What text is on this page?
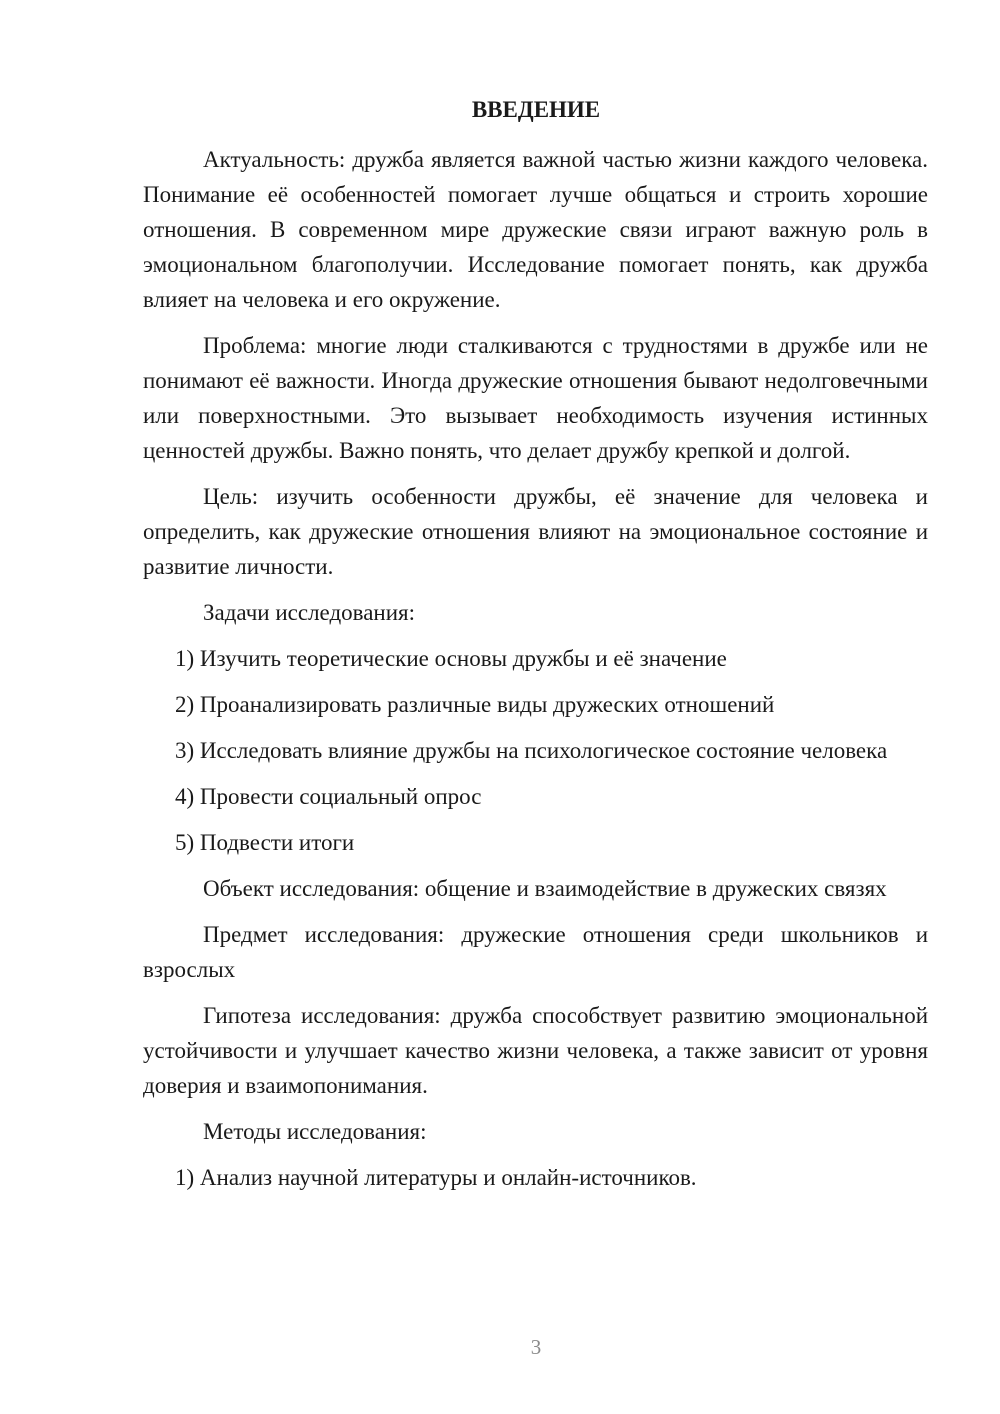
ВВЕДЕНИЕ

Актуальность: дружба является важной частью жизни каждого человека. Понимание её особенностей помогает лучше общаться и строить хорошие отношения. В современном мире дружеские связи играют важную роль в эмоциональном благополучии. Исследование помогает понять, как дружба влияет на человека и его окружение.

Проблема: многие люди сталкиваются с трудностями в дружбе или не понимают её важности. Иногда дружеские отношения бывают недолговечными или поверхностными. Это вызывает необходимость изучения истинных ценностей дружбы. Важно понять, что делает дружбу крепкой и долгой.

Цель: изучить особенности дружбы, её значение для человека и определить, как дружеские отношения влияют на эмоциональное состояние и развитие личности.

Задачи исследования:

1) Изучить теоретические основы дружбы и её значение

2) Проанализировать различные виды дружеских отношений

3) Исследовать влияние дружбы на психологическое состояние человека

4) Провести социальный опрос

5) Подвести итоги

Объект исследования: общение и взаимодействие в дружеских связях

Предмет исследования: дружеские отношения среди школьников и взрослых

Гипотеза исследования: дружба способствует развитию эмоциональной устойчивости и улучшает качество жизни человека, а также зависит от уровня доверия и взаимопонимания.

Методы исследования:

1) Анализ научной литературы и онлайн-источников.

3
